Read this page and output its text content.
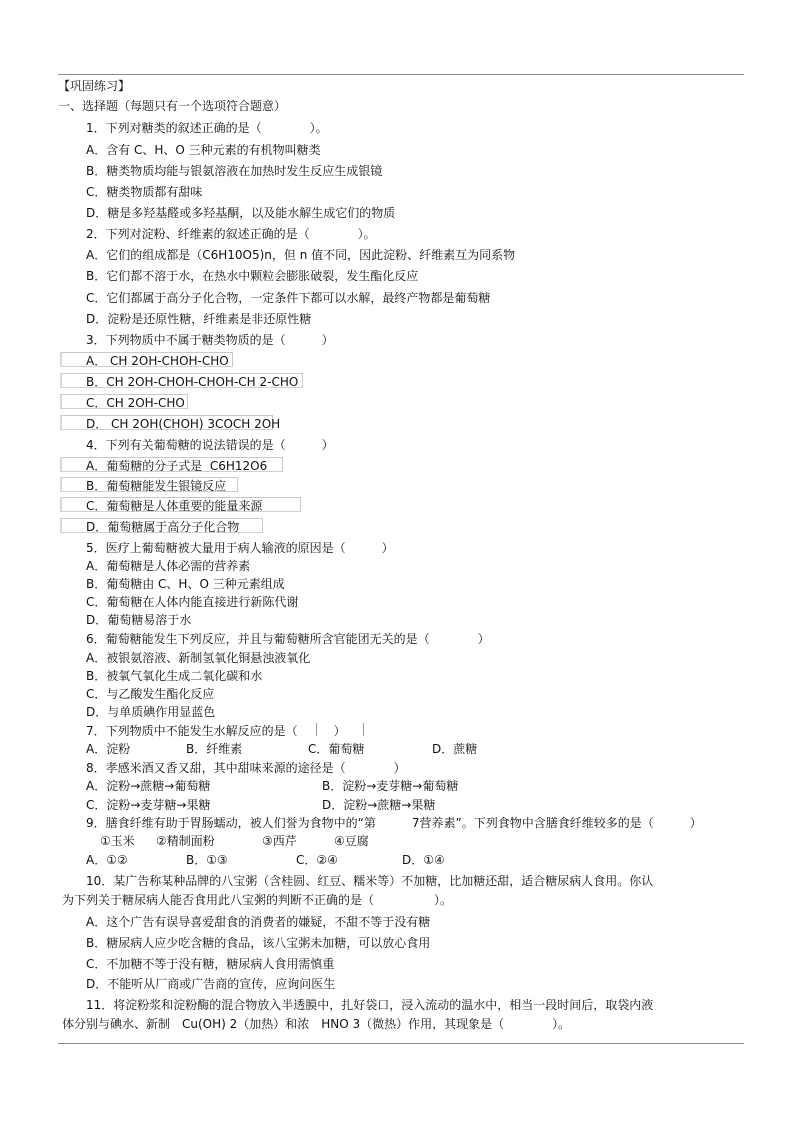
【巩固练习】
一、选择题（每题只有一个选项符合题意）
1．下列对糖类的叙述正确的是（　　　　）。
A．含有 C、H、O 三种元素的有机物叫糖类
B．糖类物质均能与银氨溶液在加热时发生反应生成银镜
C．糖类物质都有甜味
D．糖是多羟基醛或多羟基酮，以及能水解生成它们的物质
2．下列对淀粉、纤维素的叙述正确的是（　　　　）。
A．它们的组成都是（C6H10O5)n，但 n 值不同，因此淀粉、纤维素互为同系物
B．它们都不溶于水，在热水中颗粒会膨胀破裂，发生酯化反应
C．它们都属于高分子化合物，一定条件下都可以水解，最终产物都是葡萄糖
D．淀粉是还原性糖，纤维素是非还原性糖
3．下列物质中不属于糖类物质的是（　　　）
A． CH 2OH-CHOH-CHO
B．CH 2OH-CHOH-CHOH-CH 2-CHO
C．CH 2OH-CHO
D． CH 2OH(CHOH) 3COCH 2OH
4．下列有关葡萄糖的说法错误的是（　　　）
A．葡萄糖的分子式是  C6H12O6
B．葡萄糖能发生银镜反应
C．葡萄糖是人体重要的能量来源
D．葡萄糖属于高分子化合物
5．医疗上葡萄糖被大量用于病人输液的原因是（　　　）
A．葡萄糖是人体必需的营养素
B．葡萄糖由 C、H、O 三种元素组成
C．葡萄糖在人体内能直接进行新陈代谢
D．葡萄糖易溶于水
6．葡萄糖能发生下列反应，并且与葡萄糖所含官能团无关的是（　　　　）
A．被银氨溶液、新制氢氧化铜悬浊液氧化
B．被氧气氧化生成二氧化碳和水
C．与乙酸发生酯化反应
D．与单质碘作用显蓝色
7．下列物质中不能发生水解反应的是（　　　）
A．淀粉	B．纤维素	C．葡萄糖	D．蔗糖
8．孝感米酒又香又甜，其中甜味来源的途径是（　　　　）
A．淀粉→蔗糖→葡萄糖	B．淀粉→麦芽糖→葡萄糖
C．淀粉→麦芽糖→果糖	D．淀粉→蔗糖→果糖
9．膳食纤维有助于胃肠蠕动，被人们誉为食物中的“第　　　7营养素”。下列食物中含膳食纤维较多的是（　　　）
①玉米 ②精制面粉	③西芹	④豆腐
A．①②	B．①③	C．②④	D．①④
10．某广告称某种品牌的八宝粥（含桂圆、红豆、糯米等）不加糖，比加糖还甜，适合糖尿病人食用。你认
为下列关于糖尿病人能否食用此八宝粥的判断不正确的是（　　　　　）。
A．这个广告有误导喜爱甜食的消费者的嫌疑，不甜不等于没有糖
B．糖尿病人应少吃含糖的食品，该八宝粥未加糖，可以放心食用
C．不加糖不等于没有糖，糖尿病人食用需慎重
D．不能听从厂商或广告商的宣传，应询问医生
11．将淀粉浆和淀粉酶的混合物放入半透膜中，扎好袋口，浸入流动的温水中，相当一段时间后，取袋内液
体分别与碘水、新制　Cu(OH) 2（加热）和浓　HNO 3（微热）作用，其现象是（　　　　）。
